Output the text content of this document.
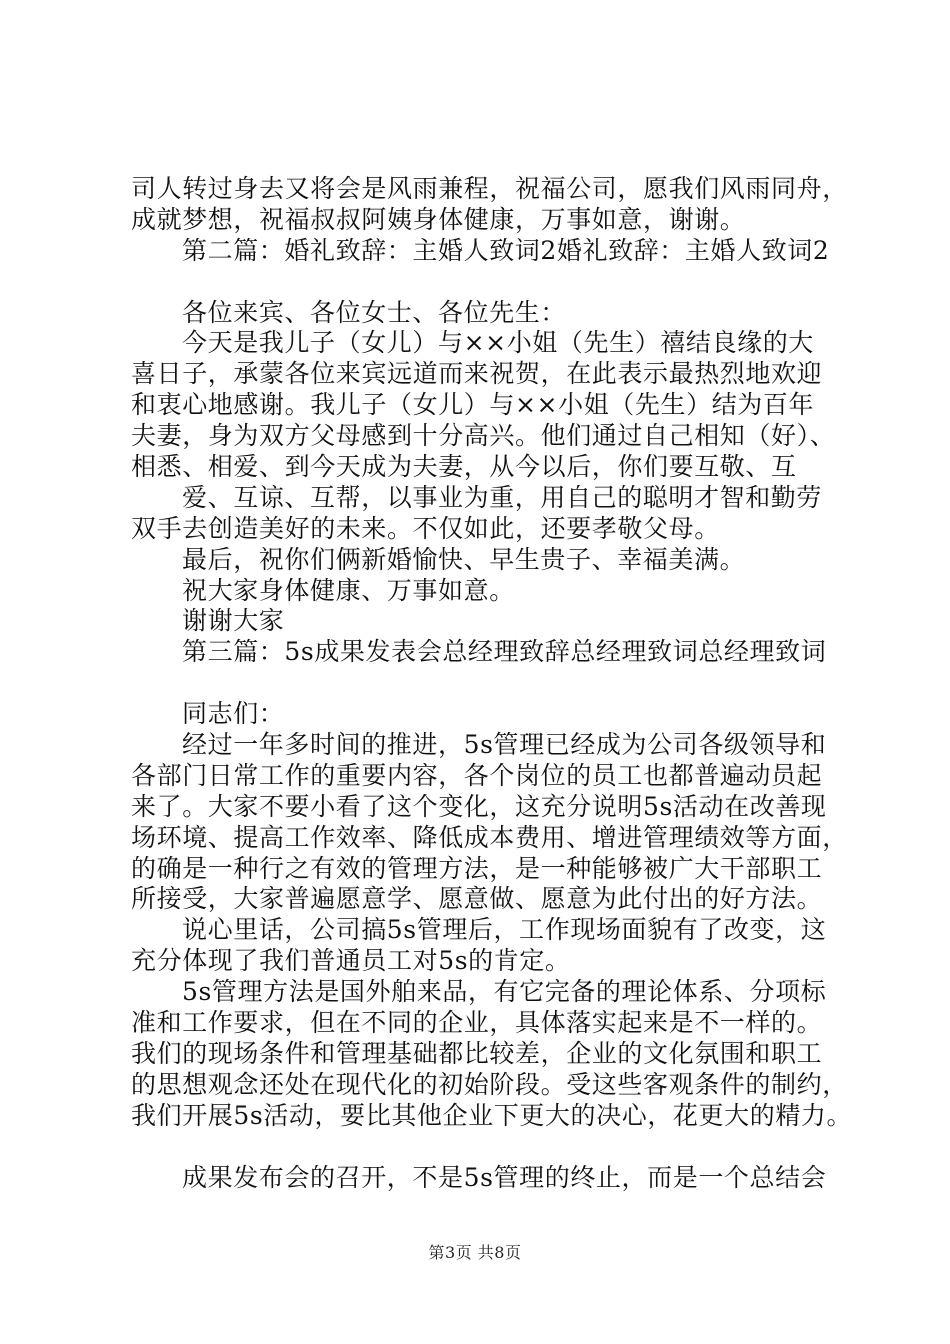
司人转过身去又将会是风雨兼程，祝福公司，愿我们风雨同舟，
成就梦想，祝福叔叔阿姨身体健康，万事如意，谢谢。
第二篇：婚礼致辞：主婚人致词2婚礼致辞：主婚人致词2
各位来宾、各位女士、各位先生：
今天是我儿子（女儿）与××小姐（先生）禧结良缘的大
喜日子，承蒙各位来宾远道而来祝贺，在此表示最热烈地欢迎
和衷心地感谢。我儿子（女儿）与××小姐（先生）结为百年
夫妻，身为双方父母感到十分高兴。他们通过自己相知（好）、
相悉、相爱、到今天成为夫妻，从今以后，你们要互敬、互
爱、互谅、互帮，以事业为重，用自己的聪明才智和勤劳
双手去创造美好的未来。不仅如此，还要孝敬父母。
最后，祝你们俩新婚愉快、早生贵子、幸福美满。
祝大家身体健康、万事如意。
谢谢大家
第三篇：5s成果发表会总经理致辞总经理致词总经理致词
同志们：
经过一年多时间的推进，5s管理已经成为公司各级领导和
各部门日常工作的重要内容，各个岗位的员工也都普遍动员起
来了。大家不要小看了这个变化，这充分说明5s活动在改善现
场环境、提高工作效率、降低成本费用、增进管理绩效等方面，
的确是一种行之有效的管理方法，是一种能够被广大干部职工
所接受，大家普遍愿意学、愿意做、愿意为此付出的好方法。
说心里话，公司搞5s管理后，工作现场面貌有了改变，这
充分体现了我们普通员工对5s的肯定。
5s管理方法是国外舶来品，有它完备的理论体系、分项标
准和工作要求，但在不同的企业，具体落实起来是不一样的。
我们的现场条件和管理基础都比较差，企业的文化氛围和职工
的思想观念还处在现代化的初始阶段。受这些客观条件的制约，
我们开展5s活动，要比其他企业下更大的决心，花更大的精力。
成果发布会的召开，不是5s管理的终止，而是一个总结会
第3页 共8页
